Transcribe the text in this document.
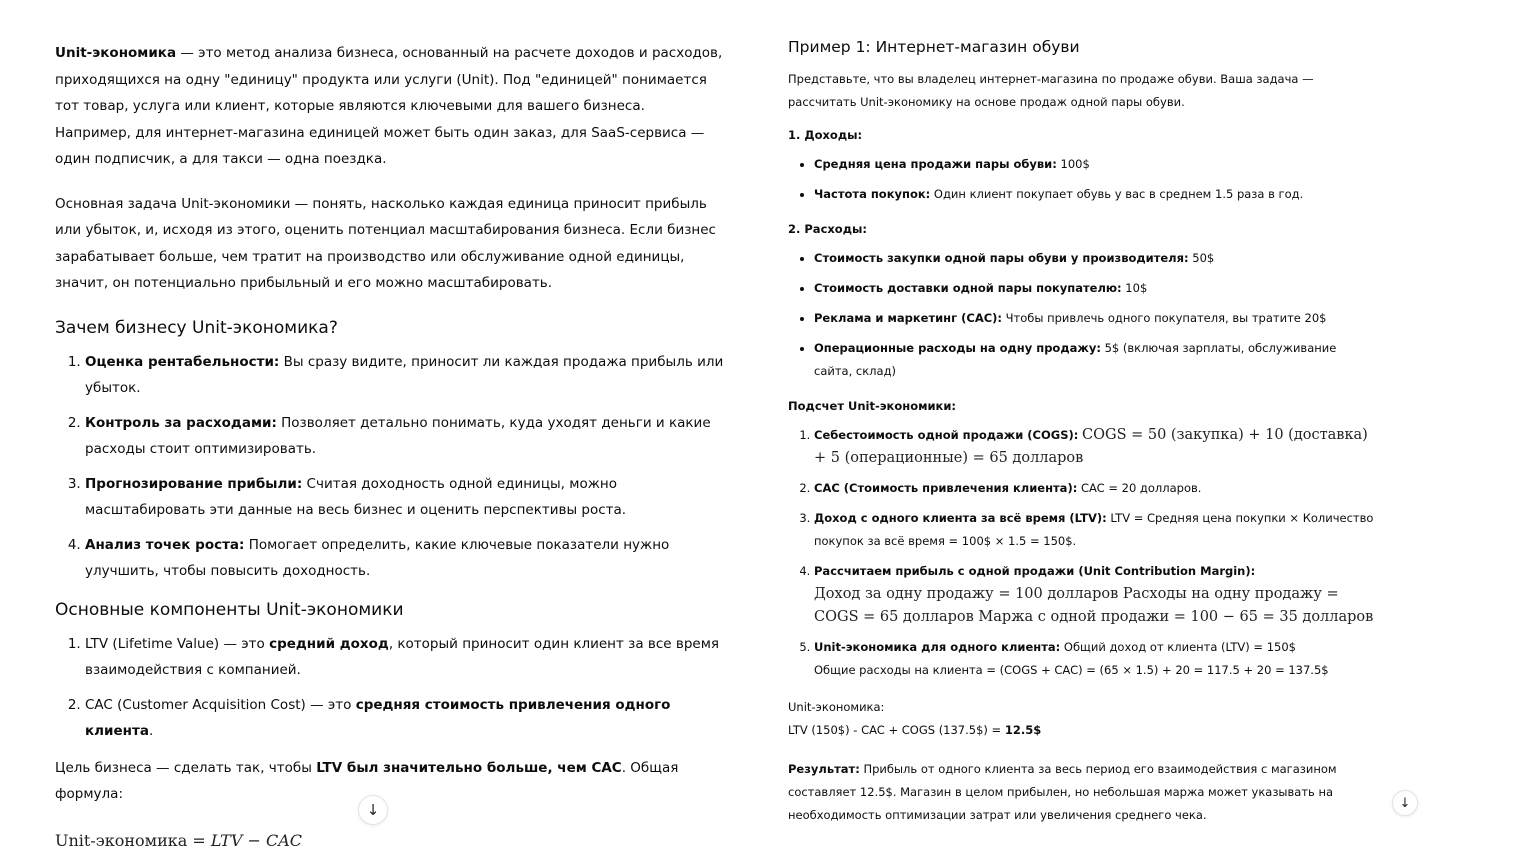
Unit-экономика — это метод анализа бизнеса, основанный на расчете доходов и расходов, приходящихся на одну "единицу" продукта или услуги (Unit). Под "единицей" понимается тот товар, услуга или клиент, которые являются ключевыми для вашего бизнеса. Например, для интернет-магазина единицей может быть один заказ, для SaaS-сервиса — один подписчик, а для такси — одна поездка.

Основная задача Unit-экономики — понять, насколько каждая единица приносит прибыль или убыток, и, исходя из этого, оценить потенциал масштабирования бизнеса. Если бизнес зарабатывает больше, чем тратит на производство или обслуживание одной единицы, значит, он потенциально прибыльный и его можно масштабировать.

Зачем бизнесу Unit-экономика?
1. Оценка рентабельности: Вы сразу видите, приносит ли каждая продажа прибыль или убыток.
2. Контроль за расходами: Позволяет детально понимать, куда уходят деньги и какие расходы стоит оптимизировать.
3. Прогнозирование прибыли: Считая доходность одной единицы, можно масштабировать эти данные на весь бизнес и оценить перспективы роста.
4. Анализ точек роста: Помогает определить, какие ключевые показатели нужно улучшить, чтобы повысить доходность.
Основные компоненты Unit-экономики
1. LTV (Lifetime Value) — это средний доход, который приносит один клиент за все время взаимодействия с компанией.
2. CAC (Customer Acquisition Cost) — это средняя стоимость привлечения одного клиента.

Цель бизнеса — сделать так, чтобы LTV был значительно больше, чем CAC. Общая формула:

Unit-экономика = LTV − CAC
↓
Пример 1: Интернет-магазин обуви

Представьте, что вы владелец интернет-магазина по продаже обуви. Ваша задача — рассчитать Unit-экономику на основе продаж одной пары обуви.

1. Доходы:
• Средняя цена продажи пары обуви: 100$
• Частота покупок: Один клиент покупает обувь у вас в среднем 1.5 раза в год.
2. Расходы:
• Стоимость закупки одной пары обуви у производителя: 50$
• Стоимость доставки одной пары покупателю: 10$
• Реклама и маркетинг (CAC): Чтобы привлечь одного покупателя, вы тратите 20$
• Операционные расходы на одну продажу: 5$ (включая зарплаты, обслуживание сайта, склад)
Подсчет Unit-экономики:
1. Себестоимость одной продажи (COGS): COGS = 50 (закупка) + 10 (доставка) + 5 (операционные) = 65 долларов
2. CAC (Стоимость привлечения клиента): CAC = 20 долларов.
3. Доход с одного клиента за всё время (LTV): LTV = Средняя цена покупки × Количество покупок за всё время = 100$ × 1.5 = 150$.
4. Рассчитаем прибыль с одной продажи (Unit Contribution Margin):
Доход за одну продажу = 100 долларов Расходы на одну продажу = COGS = 65 долларов Маржа с одной продажи = 100 − 65 = 35 долларов
5. Unit-экономика для одного клиента: Общий доход от клиента (LTV) = 150$
Общие расходы на клиента = (COGS + CAC) = (65 × 1.5) + 20 = 117.5 + 20 = 137.5$
Unit-экономика:

LTV (150$) - CAC + COGS (137.5$) = 12.5$

Результат: Прибыль от одного клиента за весь период его взаимодействия с магазином составляет 12.5$. Магазин в целом прибылен, но небольшая маржа может указывать на необходимость оптимизации затрат или увеличения среднего чека.

↓
